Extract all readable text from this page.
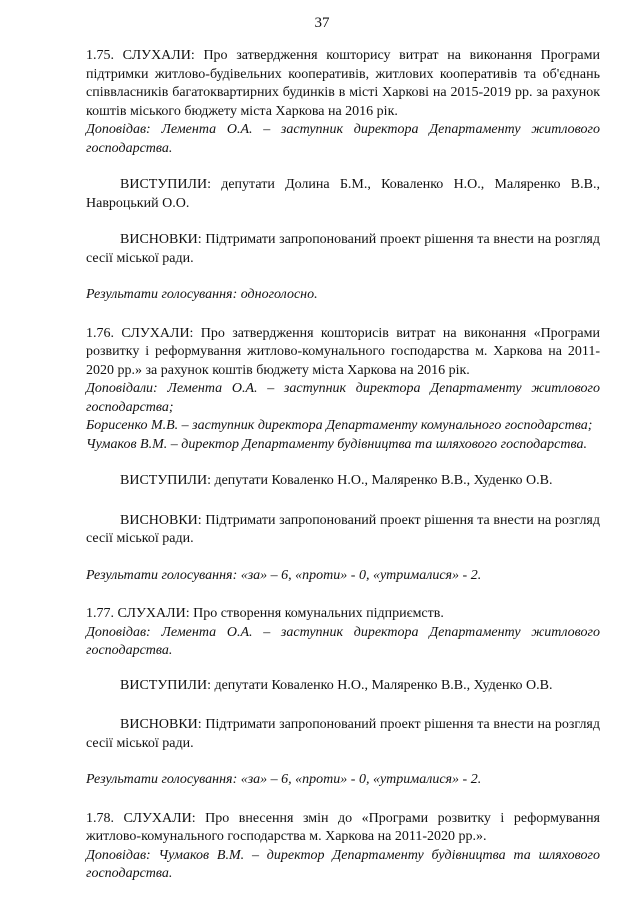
37

1.75. СЛУХАЛИ: Про затвердження кошторису витрат на виконання Програми підтримки житлово-будівельних кооперативів, житлових кооперативів та об'єднань співвласників багатоквартирних будинків в місті Харкові на 2015-2019 рр. за рахунок коштів міського бюджету міста Харкова на 2016 рік.

Доповідав: Лемента О.А. – заступник директора Департаменту житлового господарства.

ВИСТУПИЛИ: депутати Долина Б.М., Коваленко Н.О., Маляренко В.В., Навроцький О.О.

ВИСНОВКИ: Підтримати запропонований проект рішення та внести на розгляд сесії міської ради.

Результати голосування: одноголосно.

1.76. СЛУХАЛИ: Про затвердження кошторисів витрат на виконання «Програми розвитку і реформування житлово-комунального господарства м. Харкова на 2011-2020 рр.» за рахунок коштів бюджету міста Харкова на 2016 рік.

Доповідали: Лемента О.А. – заступник директора Департаменту житлового господарства;

Борисенко М.В. – заступник директора Департаменту комунального господарства;

Чумаков В.М. – директор Департаменту будівництва та шляхового господарства.

ВИСТУПИЛИ: депутати Коваленко Н.О., Маляренко В.В., Худенко О.В.

ВИСНОВКИ: Підтримати запропонований проект рішення та внести на розгляд сесії міської ради.

Результати голосування: «за» – 6, «проти» - 0, «утрималися» - 2.

1.77. СЛУХАЛИ: Про створення комунальних підприємств.

Доповідав: Лемента О.А. – заступник директора Департаменту житлового господарства.

ВИСТУПИЛИ: депутати Коваленко Н.О., Маляренко В.В., Худенко О.В.

ВИСНОВКИ: Підтримати запропонований проект рішення та внести на розгляд сесії міської ради.

Результати голосування: «за» – 6, «проти» - 0, «утрималися» - 2.

1.78. СЛУХАЛИ: Про внесення змін до «Програми розвитку і реформування житлово-комунального господарства м. Харкова на 2011-2020 рр.».

Доповідав: Чумаков В.М. – директор Департаменту будівництва та шляхового господарства.
